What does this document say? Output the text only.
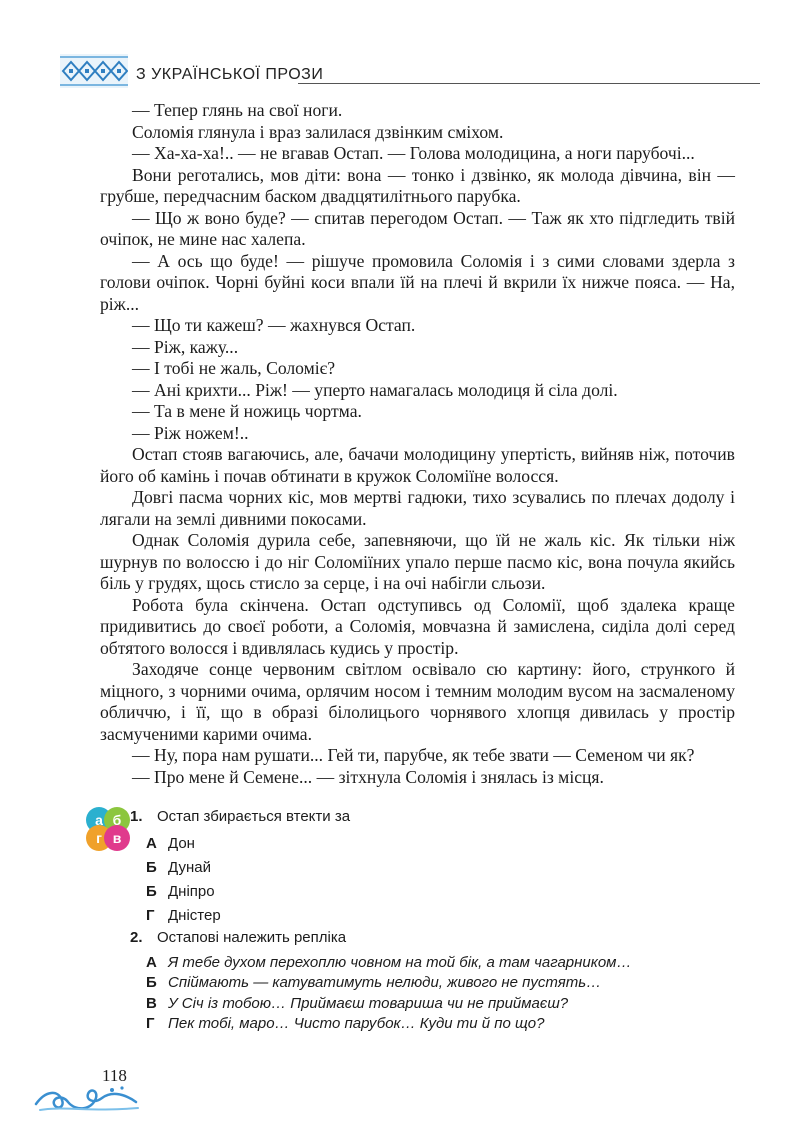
З УКРАЇНСЬКОЇ ПРОЗИ

— Тепер глянь на свої ноги.

Соломія глянула і враз залилася дзвінким сміхом.

— Ха-ха-ха!.. — не вгавав Остап. — Голова молодицина, а ноги парубочі...

Вони реготались, мов діти: вона — тонко і дзвінко, як молода дівчина, він — грубше, передчасним баском двадцятилітнього парубка.

— Що ж воно буде? — спитав перегодом Остап. — Таж як хто підгледить твій очіпок, не мине нас халепа.

— А ось що буде! — рішуче промовила Соломія і з сими словами здерла з голови очіпок. Чорні буйні коси впали їй на плечі й вкрили їх нижче пояса. — На, ріж...

— Що ти кажеш? — жахнувся Остап.

— Ріж, кажу...

— І тобі не жаль, Соломіє?

— Ані крихти... Ріж! — уперто намагалась молодиця й сіла долі.

— Та в мене й ножиць чортма.

— Ріж ножем!..

Остап стояв вагаючись, але, бачачи молодицину упертість, вийняв ніж, поточив його об камінь і почав обтинати в кружок Соломіїне волосся.

Довгі пасма чорних кіс, мов мертві гадюки, тихо зсувались по плечах додолу і лягали на землі дивними покосами.

Однак Соломія дурила себе, запевняючи, що їй не жаль кіс. Як тільки ніж шурнув по волоссю і до ніг Соломіїних упало перше пасмо кіс, вона почула якийсь біль у грудях, щось стисло за серце, і на очі набігли сльози.

Робота була скінчена. Остап одступивсь од Соломії, щоб здалека краще придивитись до своєї роботи, а Соломія, мовчазна й замислена, сиділа долі серед обтятого волосся і вдивлялась кудись у простір.

Заходяче сонце червоним світлом освівало сю картину: його, стрункого й міцного, з чорними очима, орлячим носом і темним молодим вусом на засмаленому обличчю, і її, що в образі білолицього чорнявого хлопця дивилась у простір засмученими карими очима.

— Ну, пора нам рушати... Гей ти, парубче, як тебе звати — Семеном чи як?

— Про мене й Семене... — зітхнула Соломія і знялась із місця.

а б
г в
1. Остап збирається втекти за
А Дон
Б Дунай
Б Дніпро
Г Дністер
2. Остапові належить репліка
А Я тебе духом перехоплю човном на той бік, а там чагарником…
Б Спіймають — катуватимуть нелюди, живого не пустять…
В У Січ із тобою… Приймаєш товариша чи не приймаєш?
Г Пек тобі, маро… Чисто парубок… Куди ти й по що?
118
